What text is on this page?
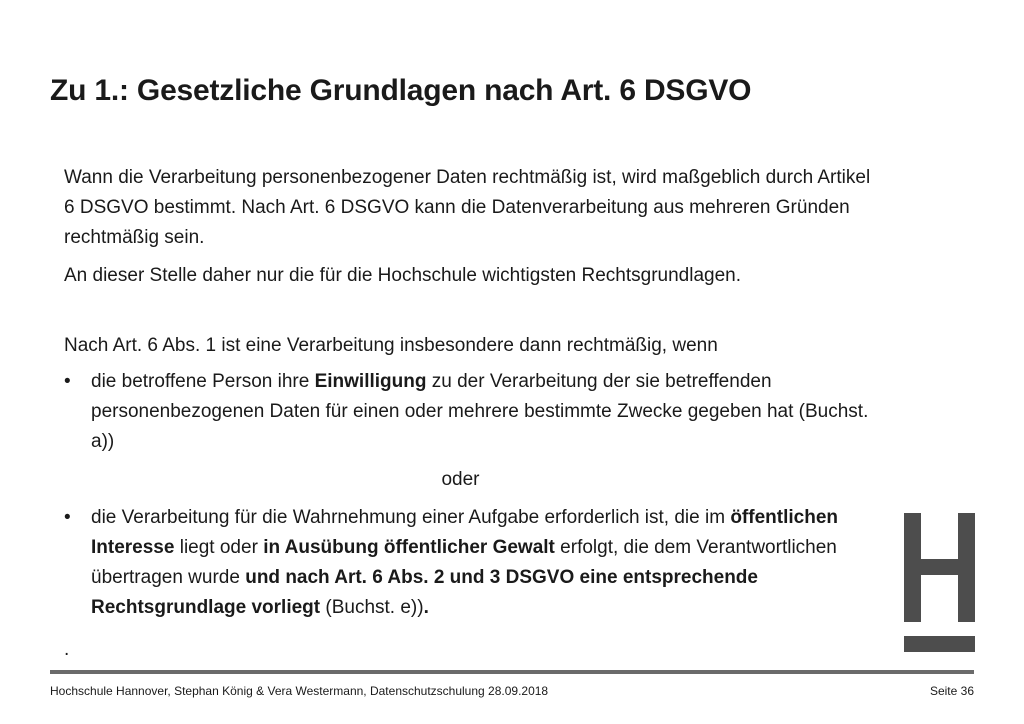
Zu 1.: Gesetzliche Grundlagen nach Art. 6 DSGVO

Wann die Verarbeitung personenbezogener Daten rechtmäßig ist, wird maßgeblich durch Artikel 6 DSGVO bestimmt. Nach Art. 6 DSGVO kann die Datenverarbeitung aus mehreren Gründen rechtmäßig sein.

An dieser Stelle daher nur die für die Hochschule wichtigsten Rechtsgrundlagen.

Nach Art. 6 Abs. 1 ist eine Verarbeitung insbesondere dann rechtmäßig, wenn

• die betroffene Person ihre Einwilligung zu der Verarbeitung der sie betreffenden personenbezogenen Daten für einen oder mehrere bestimmte Zwecke gegeben hat (Buchst. a))

oder

• die Verarbeitung für die Wahrnehmung einer Aufgabe erforderlich ist, die im öffentlichen Interesse liegt oder in Ausübung öffentlicher Gewalt erfolgt, die dem Verantwortlichen übertragen wurde und nach Art. 6 Abs. 2 und 3 DSGVO eine entsprechende Rechtsgrundlage vorliegt (Buchst. e)).

.

Hochschule Hannover, Stephan König & Vera Westermann, Datenschutzschulung 28.09.2018	Seite 36
